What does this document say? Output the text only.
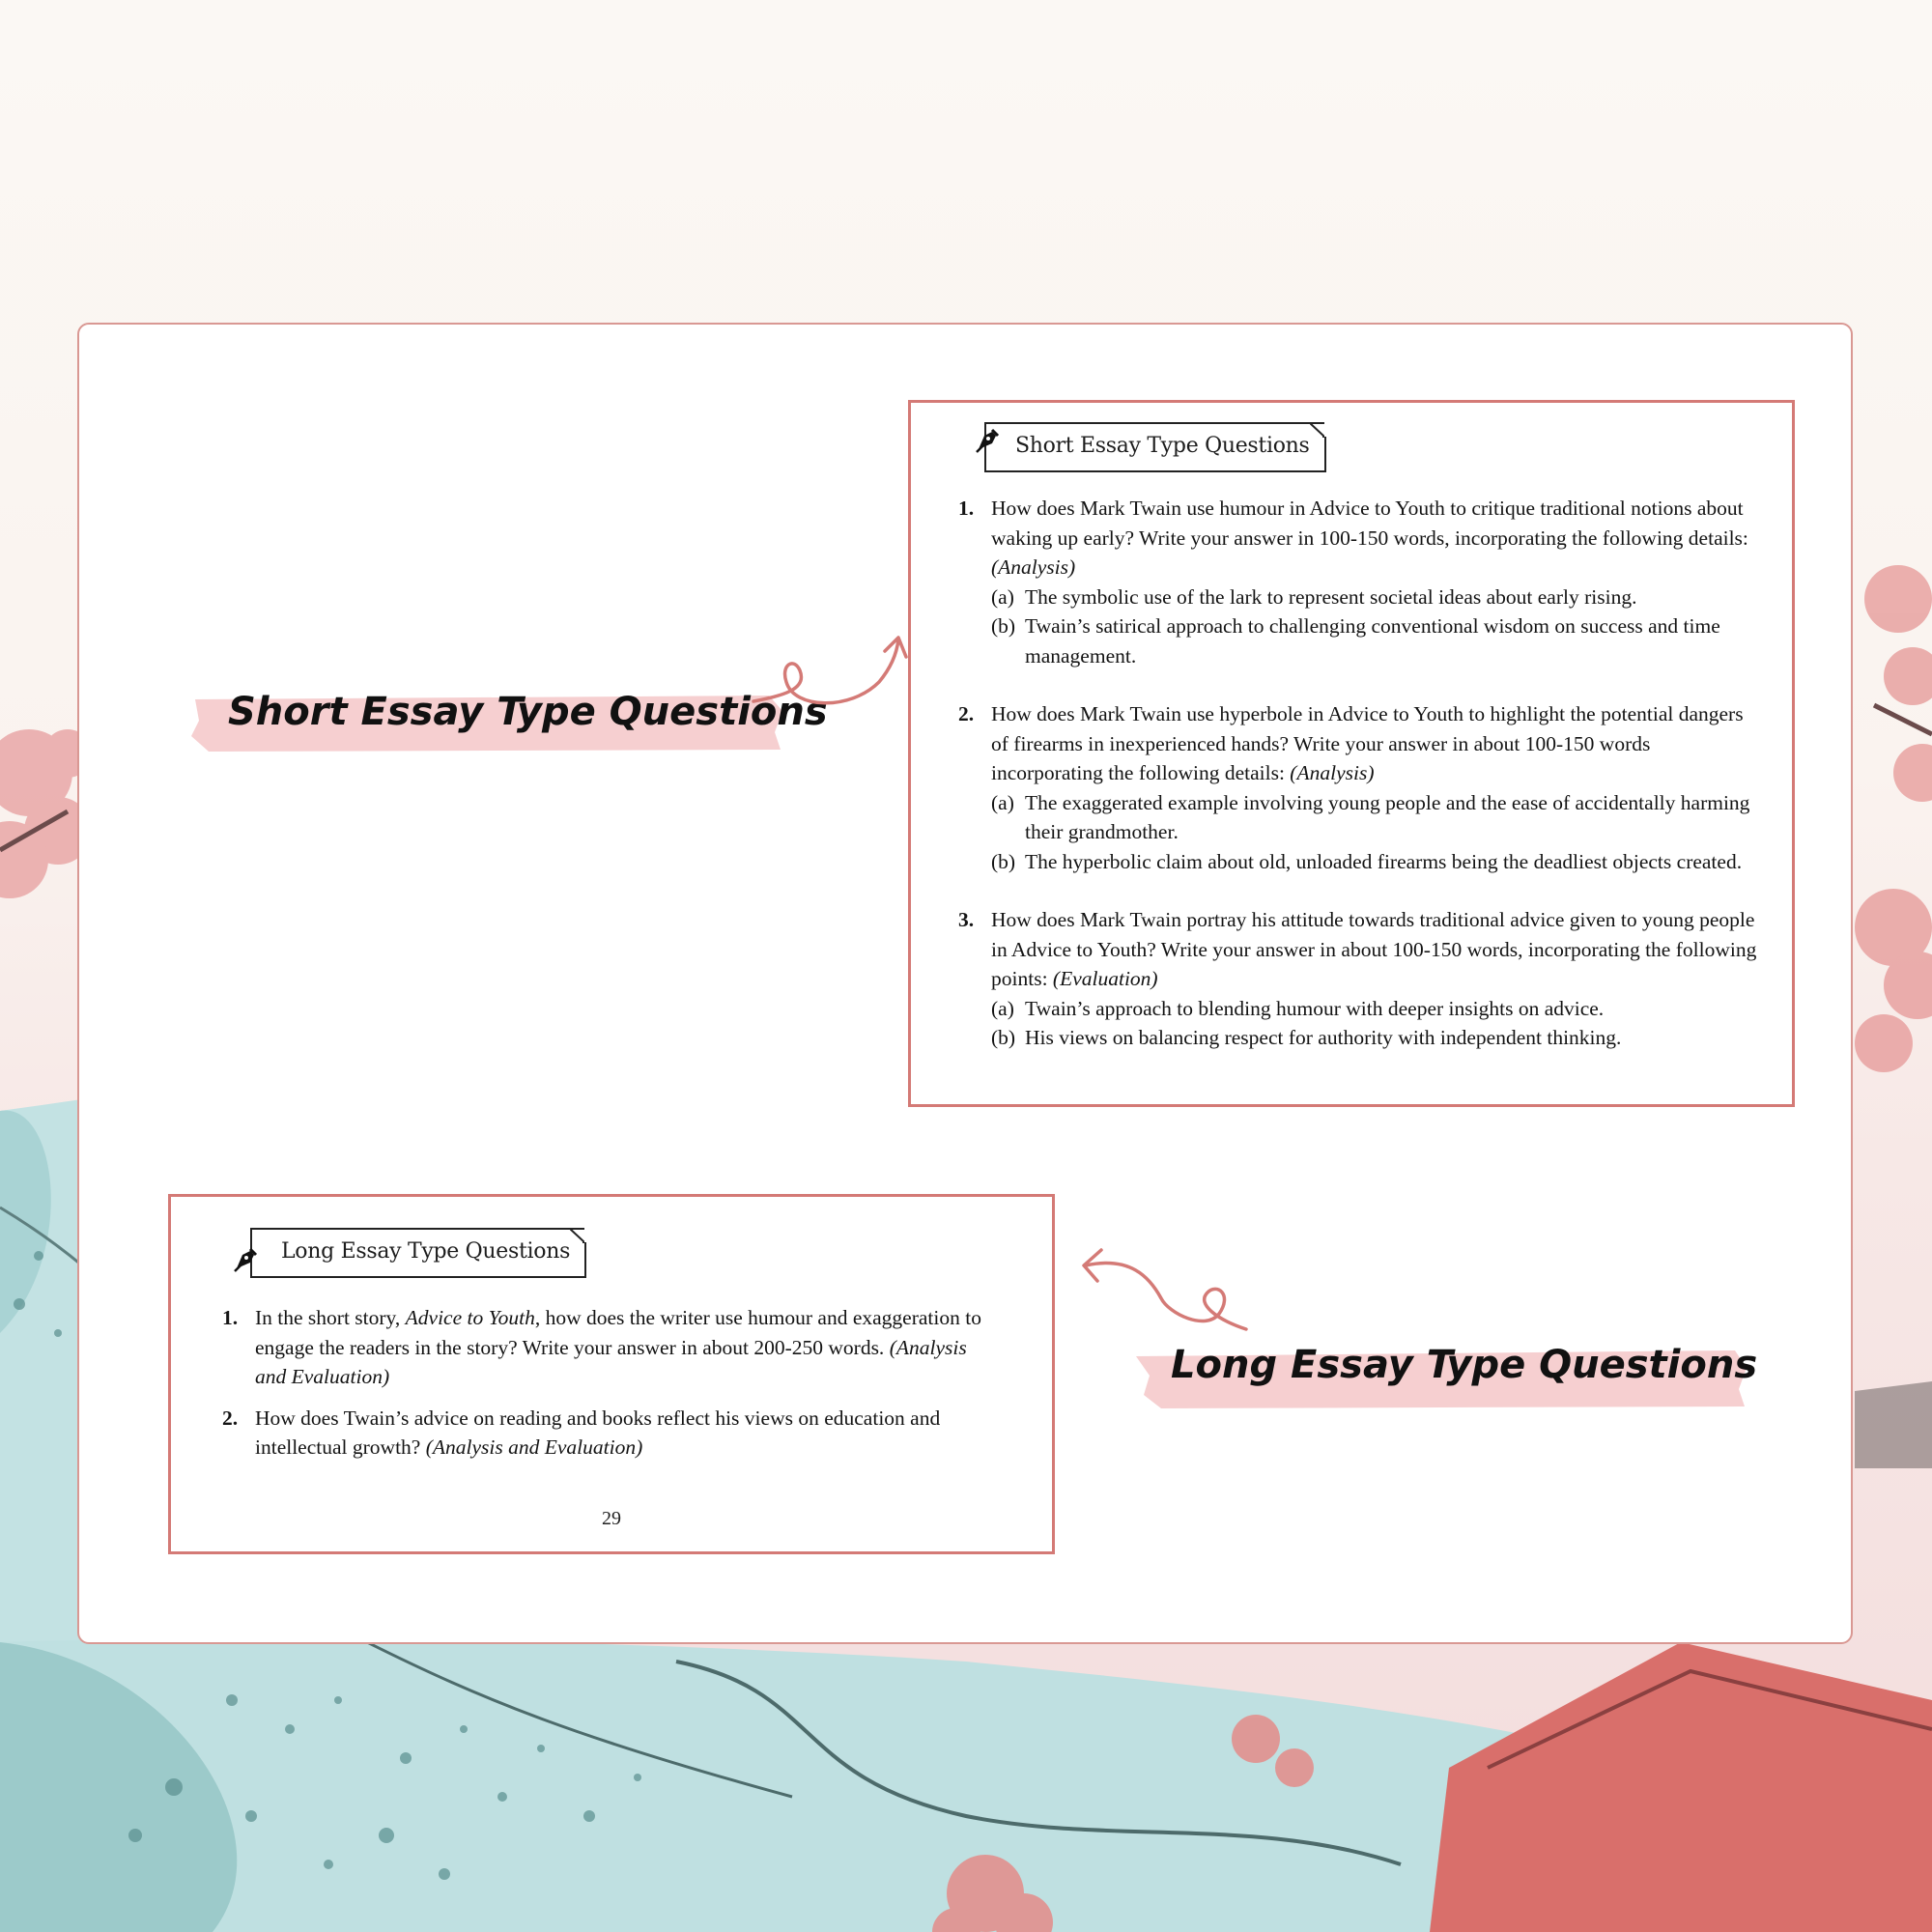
Short Essay Type Questions
1. How does Mark Twain use humour in Advice to Youth to critique traditional notions about waking up early? Write your answer in 100-150 words, incorporating the following details: (Analysis)
(a) The symbolic use of the lark to represent societal ideas about early rising.
(b) Twain’s satirical approach to challenging conventional wisdom on success and time management.
2. How does Mark Twain use hyperbole in Advice to Youth to highlight the potential dangers of firearms in inexperienced hands? Write your answer in about 100-150 words incorporating the following details: (Analysis)
(a) The exaggerated example involving young people and the ease of accidentally harming their grandmother.
(b) The hyperbolic claim about old, unloaded firearms being the deadliest objects created.
3. How does Mark Twain portray his attitude towards traditional advice given to young people in Advice to Youth? Write your answer in about 100-150 words, incorporating the following points: (Evaluation)
(a) Twain’s approach to blending humour with deeper insights on advice.
(b) His views on balancing respect for authority with independent thinking.
Long Essay Type Questions
1. In the short story, Advice to Youth, how does the writer use humour and exaggeration to engage the readers in the story? Write your answer in about 200-250 words. (Analysis and Evaluation)
2. How does Twain’s advice on reading and books reflect his views on education and intellectual growth? (Analysis and Evaluation)
29
Short Essay Type Questions
Long Essay Type Questions
